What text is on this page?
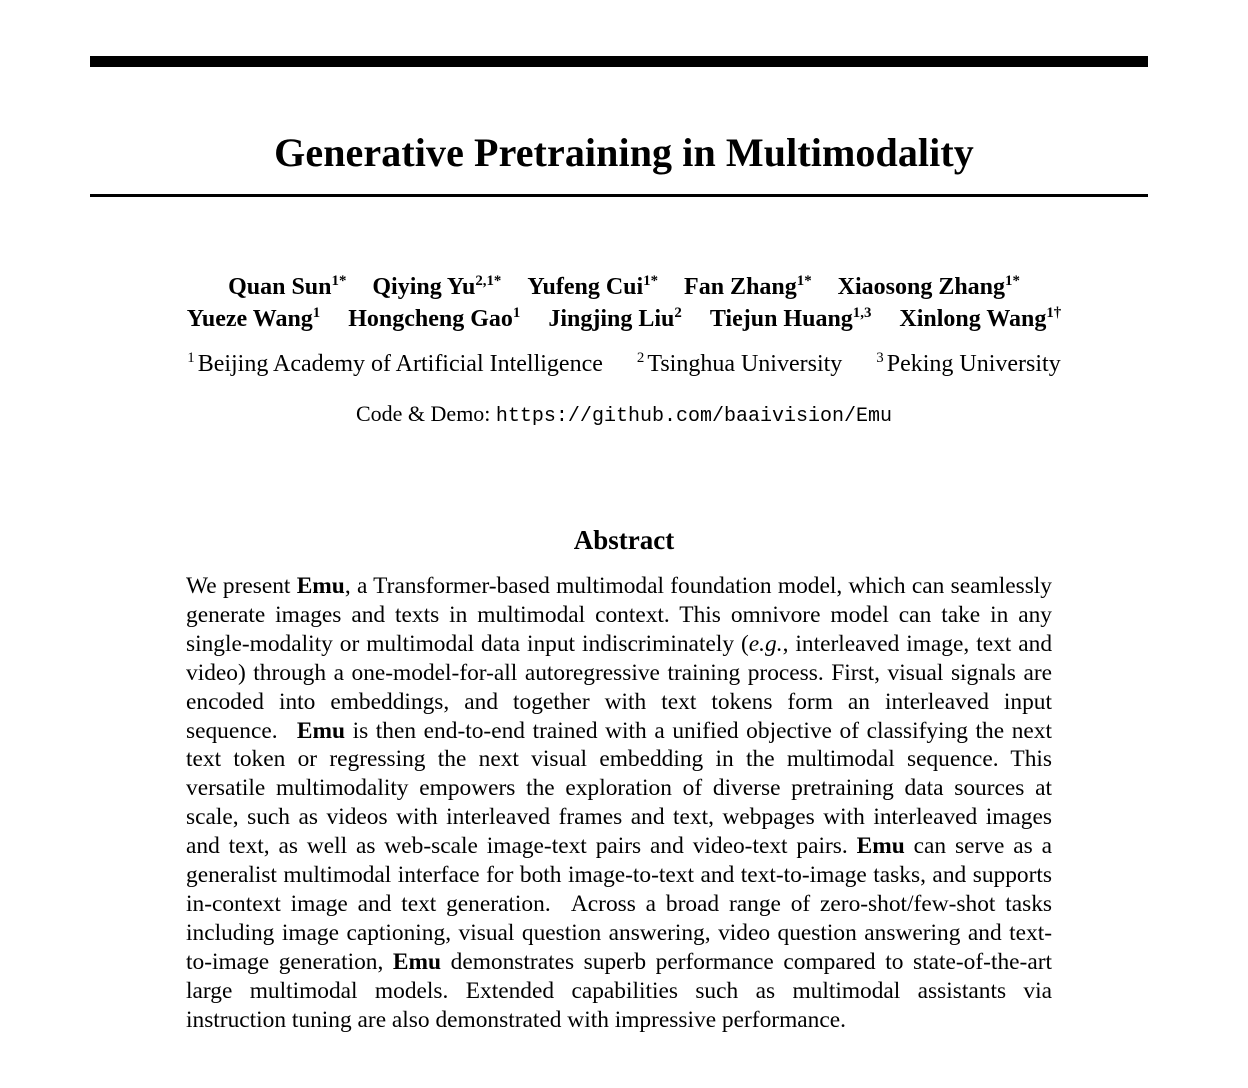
Generative Pretraining in Multimodality
Quan Sun$^{1*}$ Qiying $Yu^{2,1*}$ Yufeng Cui$^{1*}$ Fan Zhang$^{1*}$ Xiaosong Zhang$^{1*}$
Yueze Wang$^1$ Hongcheng Gao$^1$ Jingjing Liu$^2$ Tiejun Huang$^{1,3}$ Xinlong Wang$^{1\dagger}$
$^1$ Beijing Academy of Artificial Intelligence $^2$ Tsinghua University $^3$ Peking University
Code & Demo: https://github.com/baaivision/Emu
Abstract
We present Emu, a Transformer-based multimodal foundation model, which can seamlessly generate images and texts in multimodal context. This omnivore model can take in any single-modality or multimodal data input indiscriminately (e.g., interleaved image, text and video) through a one-model-for-all autoregressive training process. First, visual signals are encoded into embeddings, and together with text tokens form an interleaved input sequence.  Emu is then end-to-end trained with a unified objective of classifying the next text token or regressing the next visual embedding in the multimodal sequence. This versatile multimodality empowers the exploration of diverse pretraining data sources at scale, such as videos with interleaved frames and text, webpages with interleaved images and text, as well as web-scale image-text pairs and video-text pairs. Emu can serve as a generalist multimodal interface for both image-to-text and text-to-image tasks, and supports in-context image and text generation.  Across a broad range of zero-shot/few-shot tasks including image captioning, visual question answering, video question answering and text-to-image generation, Emu demonstrates superb performance compared to state-of-the-art large multimodal models. Extended capabilities such as multimodal assistants via instruction tuning are also demonstrated with impressive performance.
